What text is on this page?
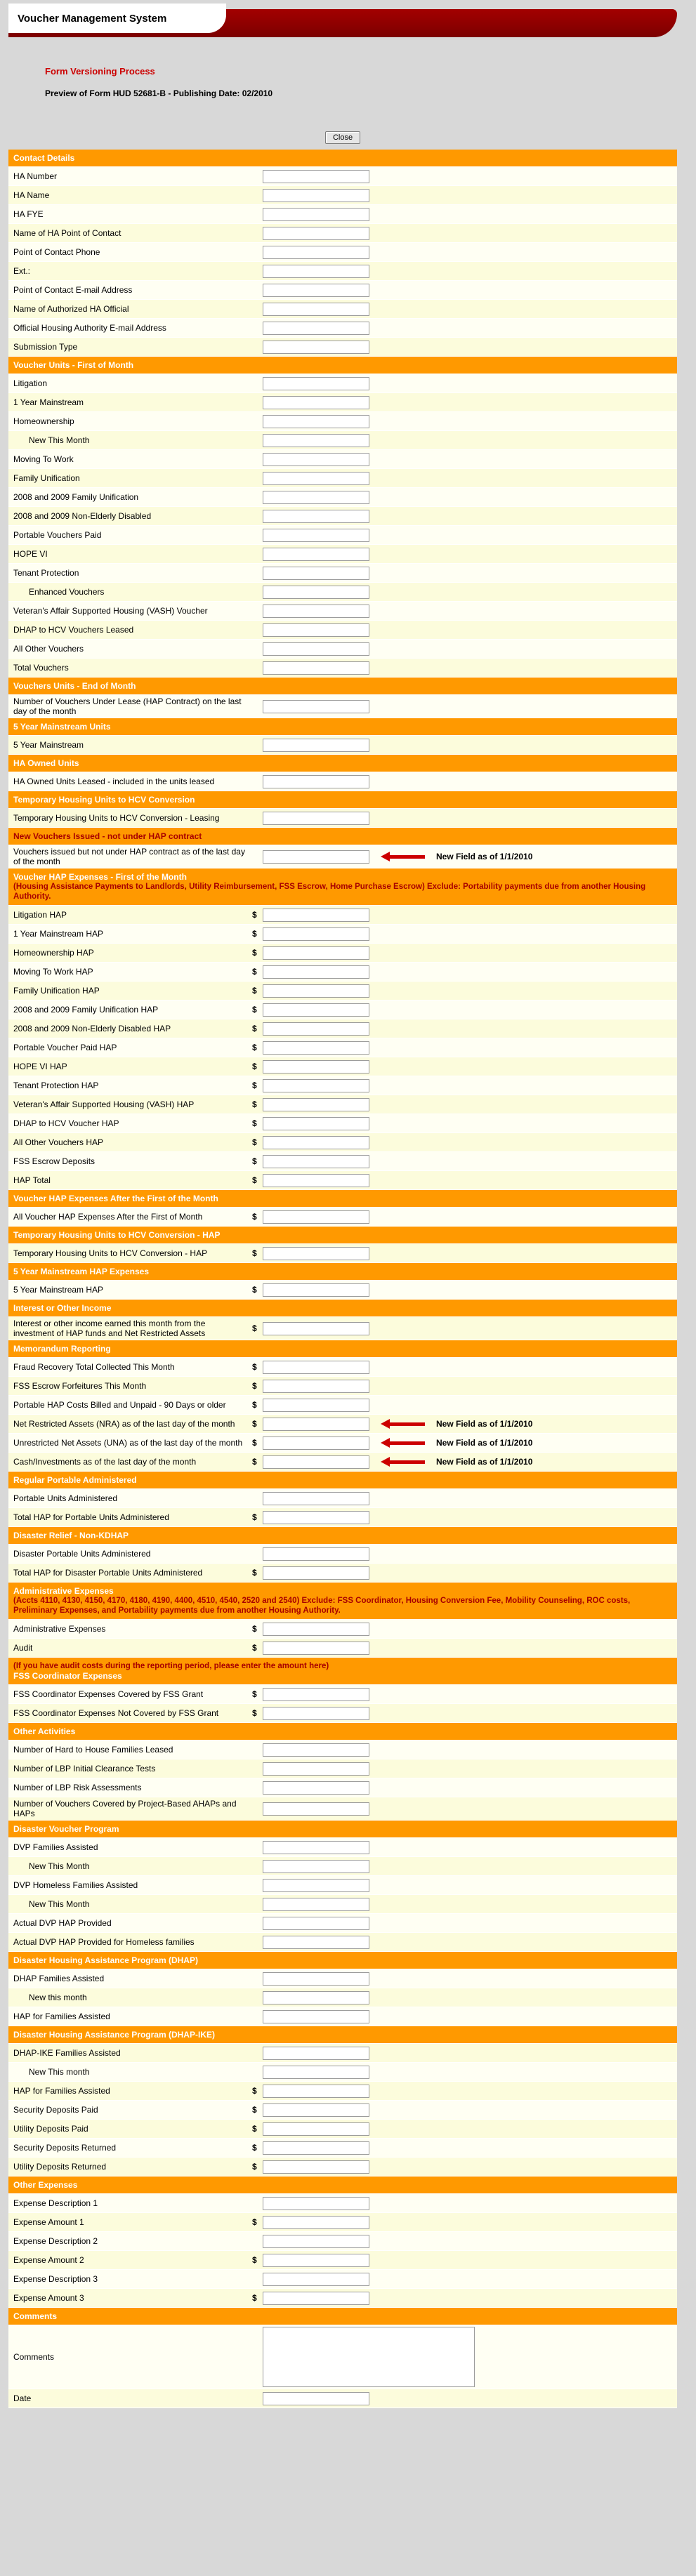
Voucher Management System
Form Versioning Process
Preview of Form HUD 52681-B - Publishing Date: 02/2010
Close
Contact Details
HA Number
HA Name
HA FYE
Name of HA Point of Contact
Point of Contact Phone
Ext.:
Point of Contact E-mail Address
Name of Authorized HA Official
Official Housing Authority E-mail Address
Submission Type
Voucher Units - First of Month
Litigation
1 Year Mainstream
Homeownership
New This Month
Moving To Work
Family Unification
2008 and 2009 Family Unification
2008 and 2009 Non-Elderly Disabled
Portable Vouchers Paid
HOPE VI
Tenant Protection
Enhanced Vouchers
Veteran's Affair Supported Housing (VASH) Voucher
DHAP to HCV Vouchers Leased
All Other Vouchers
Total Vouchers
Vouchers Units - End of Month
Number of Vouchers Under Lease (HAP Contract) on the last day of the month
5 Year Mainstream Units
5 Year Mainstream
HA Owned Units
HA Owned Units Leased - included in the units leased
Temporary Housing Units to HCV Conversion
Temporary Housing Units to HCV Conversion - Leasing
New Vouchers Issued - not under HAP contract
Vouchers issued but not under HAP contract as of the last day of the month	New Field as of 1/1/2010
Voucher HAP Expenses - First of the Month
(Housing Assistance Payments to Landlords, Utility Reimbursement, FSS Escrow, Home Purchase Escrow) Exclude: Portability payments due from another Housing Authority.
Litigation HAP	$
1 Year Mainstream HAP	$
Homeownership HAP	$
Moving To Work HAP	$
Family Unification HAP	$
2008 and 2009 Family Unification HAP	$
2008 and 2009 Non-Elderly Disabled HAP	$
Portable Voucher Paid HAP	$
HOPE VI HAP	$
Tenant Protection HAP	$
Veteran's Affair Supported Housing (VASH) HAP	$
DHAP to HCV Voucher HAP	$
All Other Vouchers HAP	$
FSS Escrow Deposits	$
HAP Total	$
Voucher HAP Expenses After the First of the Month
All Voucher HAP Expenses After the First of Month	$
Temporary Housing Units to HCV Conversion - HAP
Temporary Housing Units to HCV Conversion - HAP	$
5 Year Mainstream HAP Expenses
5 Year Mainstream HAP	$
Interest or Other Income
Interest or other income earned this month from the investment of HAP funds and Net Restricted Assets	$
Memorandum Reporting
Fraud Recovery Total Collected This Month	$
FSS Escrow Forfeitures This Month	$
Portable HAP Costs Billed and Unpaid - 90 Days or older	$
Net Restricted Assets (NRA) as of the last day of the month	$	New Field as of 1/1/2010
Unrestricted Net Assets (UNA) as of the last day of the month	$	New Field as of 1/1/2010
Cash/Investments as of the last day of the month	$	New Field as of 1/1/2010
Regular Portable Administered
Portable Units Administered
Total HAP for Portable Units Administered	$
Disaster Relief - Non-KDHAP
Disaster Portable Units Administered
Total HAP for Disaster Portable Units Administered	$
Administrative Expenses
(Accts 4110, 4130, 4150, 4170, 4180, 4190, 4400, 4510, 4540, 2520 and 2540) Exclude: FSS Coordinator, Housing Conversion Fee, Mobility Counseling, ROC costs, Preliminary Expenses, and Portability payments due from another Housing Authority.
Administrative Expenses	$
Audit	$
(If you have audit costs during the reporting period, please enter the amount here)
FSS Coordinator Expenses
FSS Coordinator Expenses Covered by FSS Grant	$
FSS Coordinator Expenses Not Covered by FSS Grant	$
Other Activities
Number of Hard to House Families Leased
Number of LBP Initial Clearance Tests
Number of LBP Risk Assessments
Number of Vouchers Covered by Project-Based AHAPs and HAPs
Disaster Voucher Program
DVP Families Assisted
New This Month
DVP Homeless Families Assisted
New This Month
Actual DVP HAP Provided
Actual DVP HAP Provided for Homeless families
Disaster Housing Assistance Program (DHAP)
DHAP Families Assisted
New this month
HAP for Families Assisted
Disaster Housing Assistance Program (DHAP-IKE)
DHAP-IKE Families Assisted
New This month
HAP for Families Assisted	$
Security Deposits Paid	$
Utility Deposits Paid	$
Security Deposits Returned	$
Utility Deposits Returned	$
Other Expenses
Expense Description 1
Expense Amount 1	$
Expense Description 2
Expense Amount 2	$
Expense Description 3
Expense Amount 3	$
Comments
Comments
Date
